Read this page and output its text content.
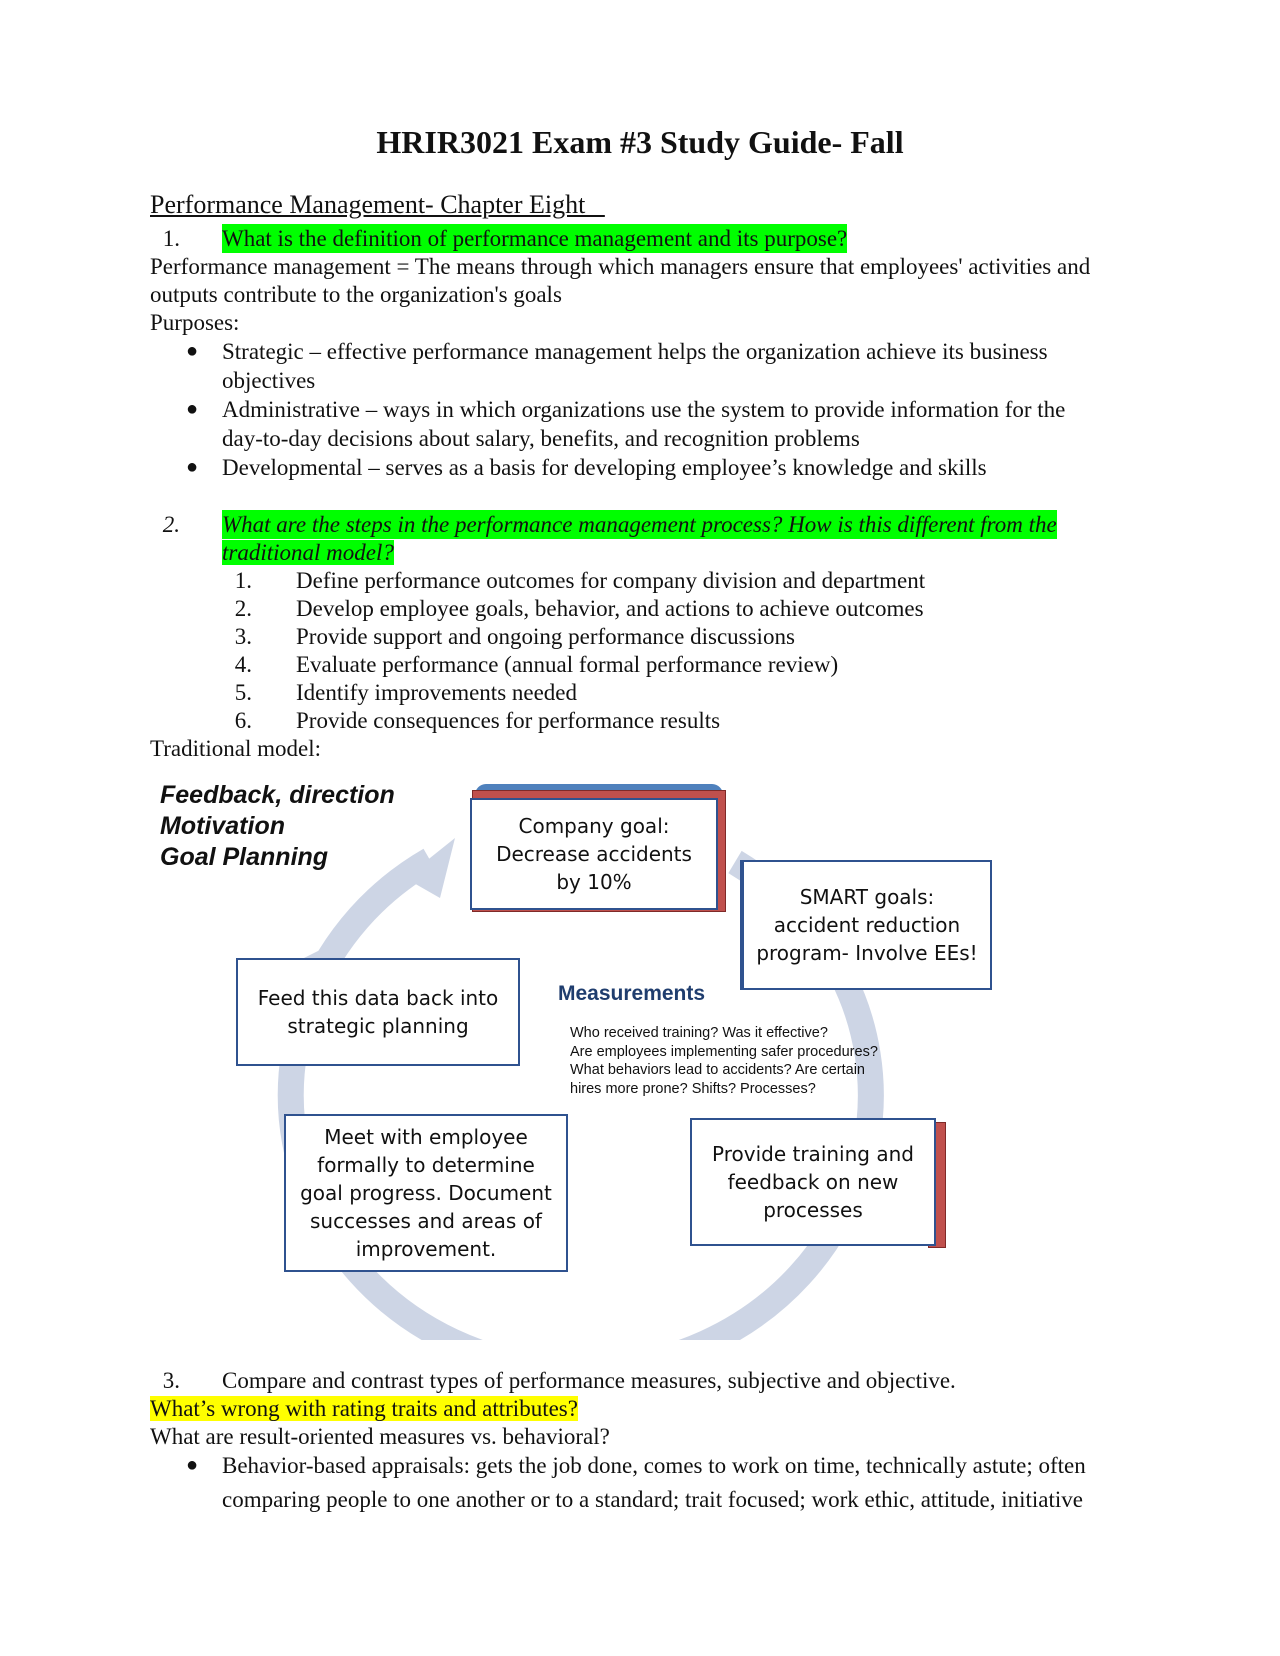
HRIR3021 Exam #3 Study Guide- Fall
Performance Management- Chapter Eight
1. What is the definition of performance management and its purpose?
Performance management = The means through which managers ensure that employees' activities and
outputs contribute to the organization's goals
Purposes:
● Strategic – effective performance management helps the organization achieve its business
objectives
● Administrative – ways in which organizations use the system to provide information for the
day-to-day decisions about salary, benefits, and recognition problems
● Developmental – serves as a basis for developing employee’s knowledge and skills
2. What are the steps in the performance management process? How is this different from the
traditional model?
1. Define performance outcomes for company division and department
2. Develop employee goals, behavior, and actions to achieve outcomes
3. Provide support and ongoing performance discussions
4. Evaluate performance (annual formal performance review)
5. Identify improvements needed
6. Provide consequences for performance results
Traditional model:
Feedback, direction
Motivation
Goal Planning
Company goal: Decrease accidents by 10%
SMART goals: accident reduction program- Involve EEs!
Feed this data back into strategic planning
Measurements
Who received training? Was it effective?
Are employees implementing safer procedures?
What behaviors lead to accidents? Are certain
hires more prone? Shifts? Processes?
Meet with employee formally to determine goal progress. Document successes and areas of improvement.
Provide training and feedback on new processes
3. Compare and contrast types of performance measures, subjective and objective.
What’s wrong with rating traits and attributes?
What are result-oriented measures vs. behavioral?
● Behavior-based appraisals: gets the job done, comes to work on time, technically astute; often
comparing people to one another or to a standard; trait focused; work ethic, attitude, initiative
